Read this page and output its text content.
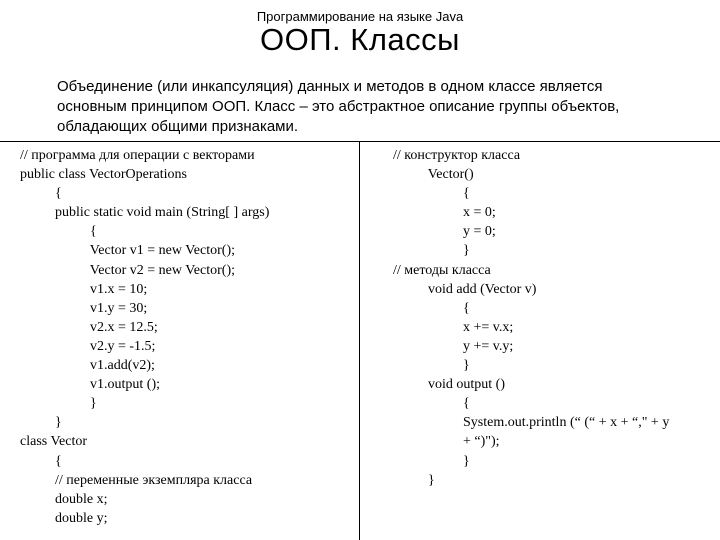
Программирование на языке Java
ООП. Классы
Объединение (или инкапсуляция) данных и методов в одном классе является
основным принципом ООП. Класс – это абстрактное описание группы объектов,
обладающих общими признаками.
// программа для операции с векторами
public class VectorOperations
{
public static void main (String[ ] args)
{
Vector v1 = new Vector();
Vector v2 = new Vector();
v1.x = 10;
v1.y = 30;
v2.x = 12.5;
v2.y = -1.5;
v1.add(v2);
v1.output ();
}
}
class Vector
{
// переменные экземпляра класса
double x;
double y;
// конструктор класса
Vector()
{
x = 0;
y = 0;
}
// методы класса
void add (Vector v)
{
x += v.x;
y += v.y;
}
void output ()
{
System.out.println (“ (“ + x + “," + y
+ “)");
}
}
